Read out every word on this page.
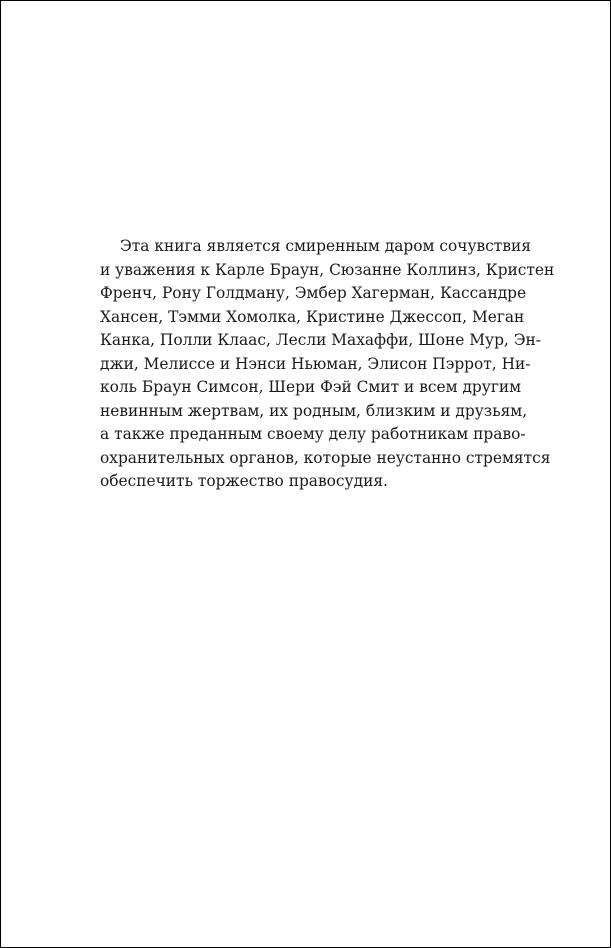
Эта книга является смиренным даром сочувствия
и уважения к Карле Браун, Сюзанне Коллинз, Кристен
Френч, Рону Голдману, Эмбер Хагерман, Кассандре
Хансен, Тэмми Хомолка, Кристине Джессоп, Меган
Канка, Полли Клаас, Лесли Махаффи, Шоне Мур, Эн-
джи, Мелиссе и Нэнси Ньюман, Элисон Пэррот, Ни-
коль Браун Симсон, Шери Фэй Смит и всем другим
невинным жертвам, их родным, близким и друзьям,
а также преданным своему делу работникам право-
охранительных органов, которые неустанно стремятся
обеспечить торжество правосудия.
